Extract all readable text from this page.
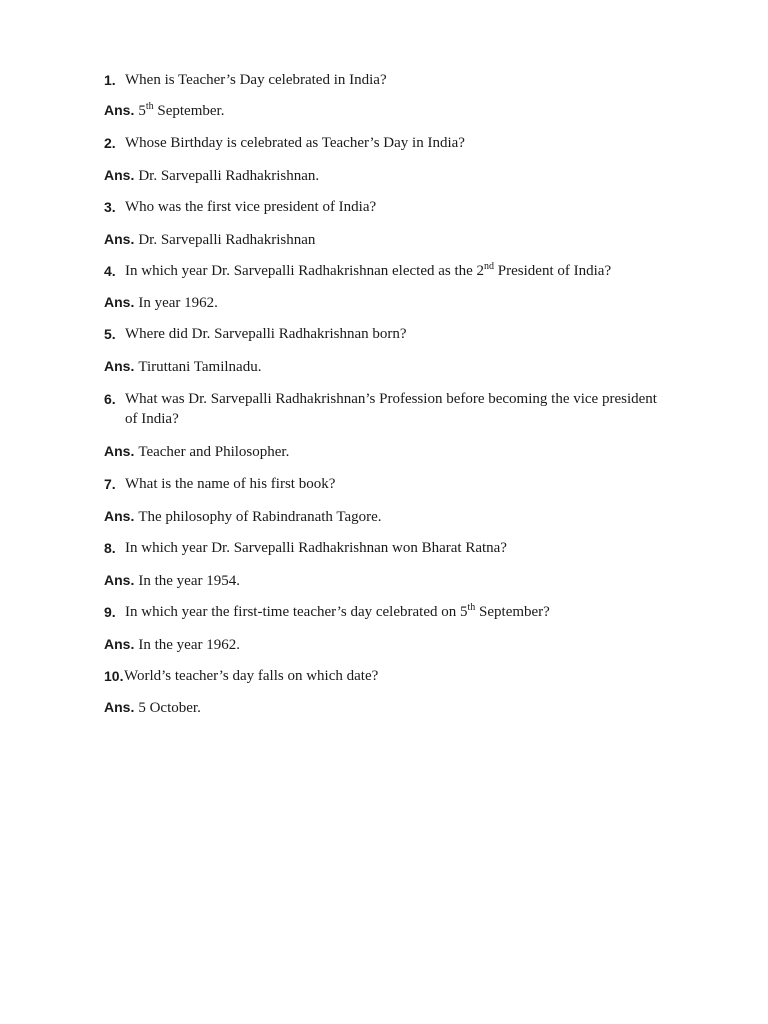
1. When is Teacher’s Day celebrated in India?
Ans. 5th September.
2. Whose Birthday is celebrated as Teacher’s Day in India?
Ans. Dr. Sarvepalli Radhakrishnan.
3. Who was the first vice president of India?
Ans. Dr. Sarvepalli Radhakrishnan
4. In which year Dr. Sarvepalli Radhakrishnan elected as the 2nd President of India?
Ans. In year 1962.
5. Where did Dr. Sarvepalli Radhakrishnan born?
Ans. Tiruttani Tamilnadu.
6. What was Dr. Sarvepalli Radhakrishnan’s Profession before becoming the vice president of India?
Ans. Teacher and Philosopher.
7. What is the name of his first book?
Ans. The philosophy of Rabindranath Tagore.
8. In which year Dr. Sarvepalli Radhakrishnan won Bharat Ratna?
Ans. In the year 1954.
9. In which year the first-time teacher’s day celebrated on 5th September?
Ans. In the year 1962.
10. World’s teacher’s day falls on which date?
Ans. 5 October.
